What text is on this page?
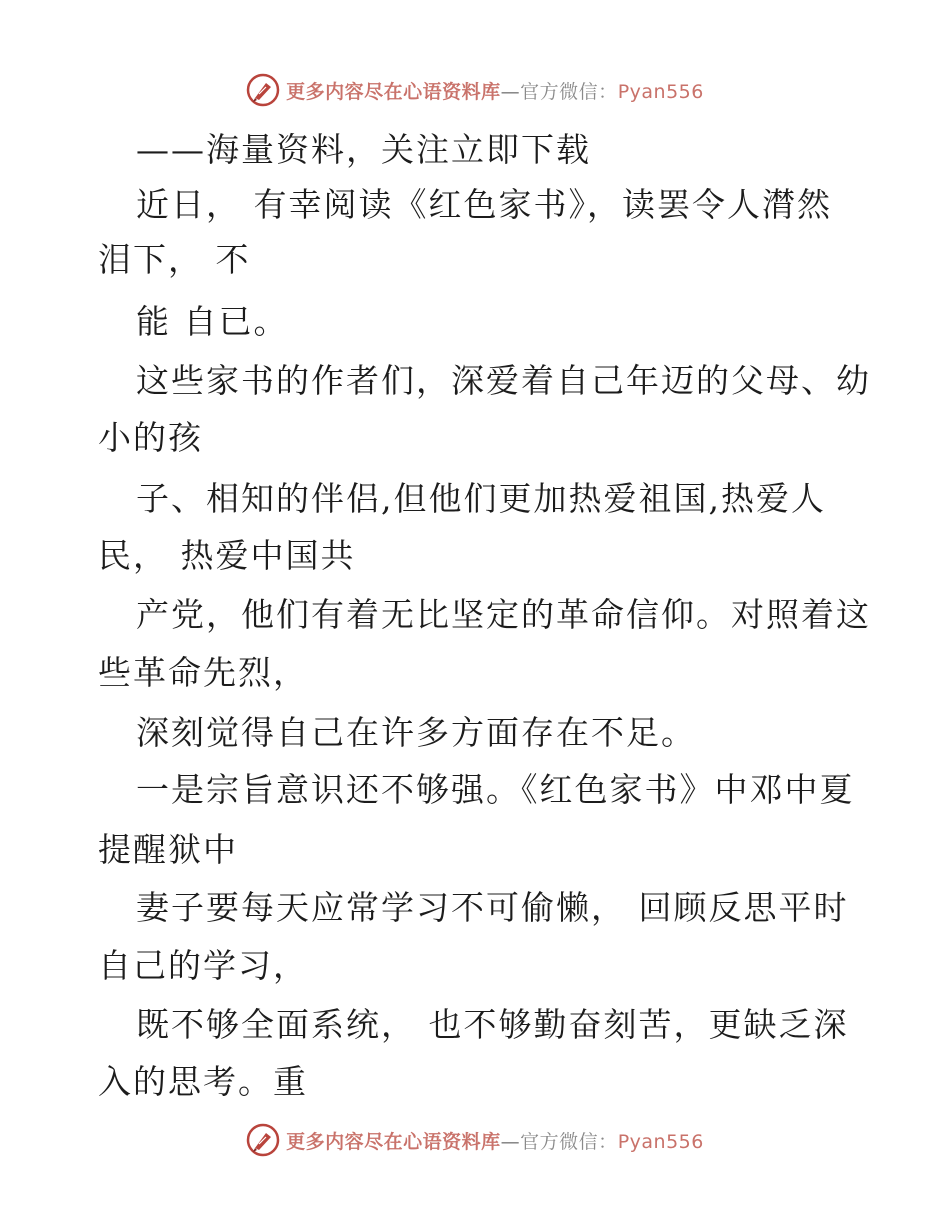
更多内容尽在心语资料库—官方微信：Pyan556
——海量资料，关注立即下载
近日， 有幸阅读《红色家书》，读罢令人潸然
泪下， 不
能 自已。
这些家书的作者们，深爱着自己年迈的父母、幼
小的孩
子、相知的伴侣,但他们更加热爱祖国,热爱人
民， 热爱中国共
产党，他们有着无比坚定的革命信仰。对照着这
些革命先烈，
深刻觉得自己在许多方面存在不足。
一是宗旨意识还不够强。《红色家书》中邓中夏
提醒狱中
妻子要每天应常学习不可偷懒， 回顾反思平时
自己的学习，
既不够全面系统， 也不够勤奋刻苦，更缺乏深
入的思考。重
更多内容尽在心语资料库—官方微信：Pyan556
